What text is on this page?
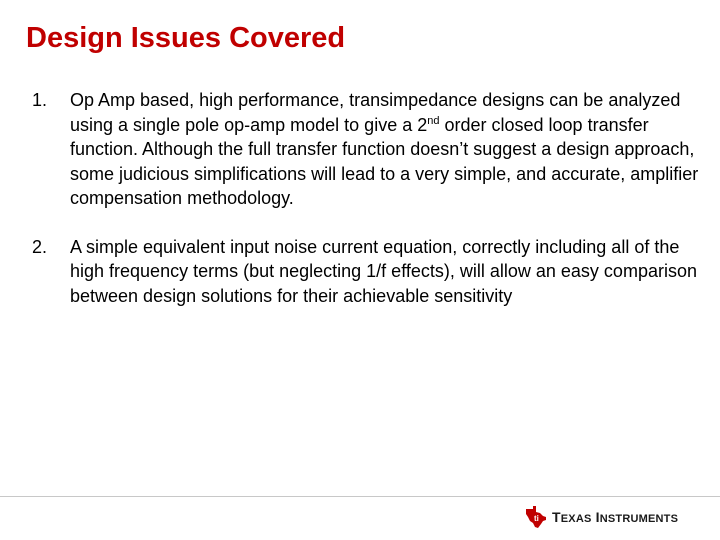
Design Issues Covered
1. Op Amp based, high performance, transimpedance designs can be analyzed using a single pole op-amp model to give a 2nd order closed loop transfer function. Although the full transfer function doesn’t suggest a design approach, some judicious simplifications will lead to a very simple, and accurate, amplifier compensation methodology.
2. A simple equivalent input noise current equation, correctly including all of the high frequency terms (but neglecting 1/f effects), will allow an easy comparison between design solutions for their achievable sensitivity
ti TEXAS INSTRUMENTS
